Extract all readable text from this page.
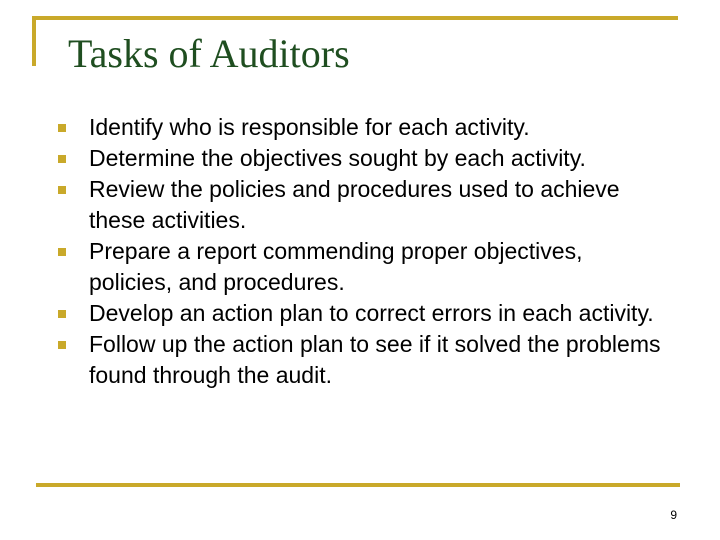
Tasks of Auditors
Identify who is responsible for each activity.
Determine the objectives sought by each activity.
Review the policies and procedures used to achieve these activities.
Prepare a report commending proper objectives, policies, and procedures.
Develop an action plan to correct errors in each activity.
Follow up the action plan to see if it solved the problems found through the audit.
9
